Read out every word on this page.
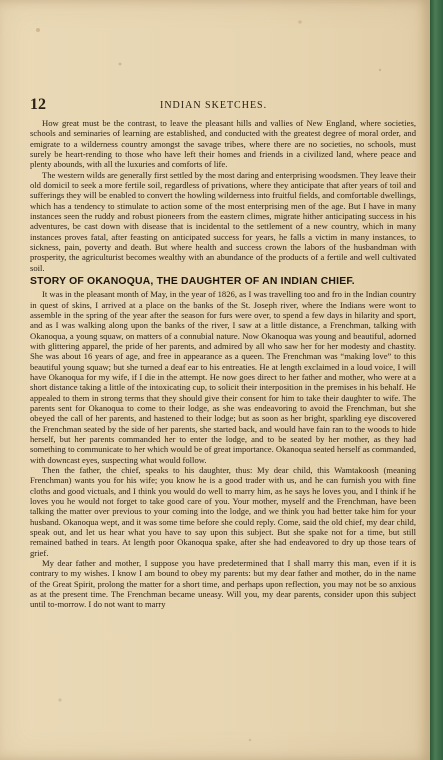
12	INDIAN SKETCHES.

How great must be the contrast, to leave the pleasant hills and vallies of New England, where societies, schools and seminaries of learning are established, and conducted with the greatest degree of moral order, and emigrate to a wilderness country amongst the savage tribes, where there are no societies, no schools, must surely be heart-rending to those who have left their homes and friends in a civilized land, where peace and plenty abounds, with all the luxuries and comforts of life.

The western wilds are generally first settled by the most daring and enterprising woodsmen. They leave their old domicil to seek a more fertile soil, regardless of privations, where they anticipate that after years of toil and sufferings they will be enabled to convert the howling wilderness into fruitful fields, and comfortable dwellings, which has a tendency to stimulate to action some of the most enterprising men of the age. But I have in many instances seen the ruddy and robust pioneers from the eastern climes, migrate hither anticipating success in his adventures, be cast down with disease that is incidental to the settlement of a new country, which in many instances proves fatal, after feasting on anticipated success for years, he falls a victim in many instances, to sickness, pain, poverty and death. But where health and success crown the labors of the husbandman with prosperity, the agriculturist becomes wealthy with an abundance of the products of a fertile and well cultivated soil.

STORY OF OKANOQUA, THE DAUGHTER OF AN INDIAN CHIEF.

It was in the pleasant month of May, in the year of 1826, as I was travelling too and fro in the Indian country in quest of skins, I arrived at a place on the banks of the St. Joseph river, where the Indians were wont to assemble in the spring of the year after the season for furs were over, to spend a few days in hilarity and sport, and as I was walking along upon the banks of the river, I saw at a little distance, a Frenchman, talking with Okanoqua, a young squaw, on matters of a connubial nature. Now Okanoqua was young and beautiful, adorned with glittering apparel, the pride of her parents, and admired by all who saw her for her modesty and chastity. She was about 16 years of age, and free in appearance as a queen. The Frenchman was “making love” to this beautiful young squaw; but she turned a deaf ear to his entreaties. He at length exclaimed in a loud voice, I will have Okanoqua for my wife, if I die in the attempt. He now goes direct to her father and mother, who were at a short distance taking a little of the intoxicating cup, to solicit their interposition in the premises in his behalf. He appealed to them in strong terms that they should give their consent for him to take their daughter to wife. The parents sent for Okanoqua to come to their lodge, as she was endeavoring to avoid the Frenchman, but she obeyed the call of her parents, and hastened to their lodge; but as soon as her bright, sparkling eye discovered the Frenchman seated by the side of her parents, she started back, and would have fain ran to the woods to hide herself, but her parents commanded her to enter the lodge, and to be seated by her mother, as they had something to communicate to her which would be of great importance. Okanoqua seated herself as commanded, with downcast eyes, suspecting what would follow.

Then the father, the chief, speaks to his daughter, thus: My dear child, this Wamtakoosh (meaning Frenchman) wants you for his wife; you know he is a good trader with us, and he can furnish you with fine cloths and good victuals, and I think you would do well to marry him, as he says he loves you, and I think if he loves you he would not forget to take good care of you. Your mother, myself and the Frenchman, have been talking the matter over previous to your coming into the lodge, and we think you had better take him for your husband. Okanoqua wept, and it was some time before she could reply. Come, said the old chief, my dear child, speak out, and let us hear what you have to say upon this subject. But she spake not for a time, but still remained bathed in tears. At length poor Okanoqua spake, after she had endeavored to dry up those tears of grief.

My dear father and mother, I suppose you have predetermined that I shall marry this man, even if it is contrary to my wishes. I know I am bound to obey my parents: but my dear father and mother, do in the name of the Great Spirit, prolong the matter for a short time, and perhaps upon reflection, you may not be so anxious as at the present time. The Frenchman became uneasy. Will you, my dear parents, consider upon this subject until to-morrow. I do not want to marry
